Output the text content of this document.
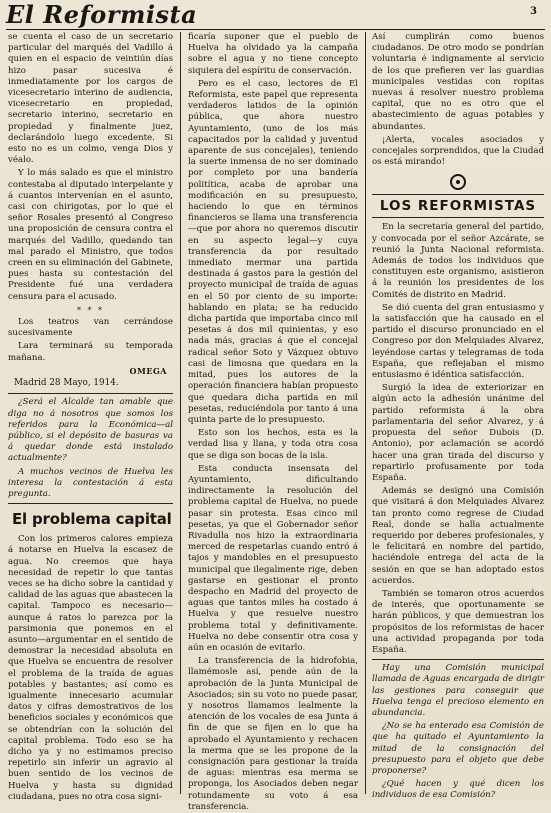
El Reformista	3

se cuenta el caso de un secretario particular del marqués del Vadillo á quien en el espacio de veintiún días hizo pasar sucesiva é inmediatamente por los cargos de vicesecretario interino de audiencia, vicesecretario en propiedad, secretario interino, secretario en propiedad y finalmente juez, declarándolo luego excedente. Si esto no es un colmo, venga Dios y véalo.

Y lo más salado es que el ministro contestaba al diputado interpelante y á cuantos intervenían en el asunto, casi con chirigotas, por lo que el señor Rosales presentó al Congreso una proposición de censura contra el marqués del Vadillo, quedando tan mal parado el Ministro, que todos creen en su eliminación del Gabinete, pues hasta su contestación del Presidente fué una verdadera censura para el acusado.

* * *

Los teatros van cerrándose sucesivamente

Lara terminará su temporada mañana.

OMEGA
Madrid 28 Mayo, 1914.

¿Será el Alcalde tan amable que diga no á nosotros que somos los referidos para la Económica—al público, si el depósito de basuras va á quedar donde está instalado actualmente?

A muchos vecinos de Huelva les interesa la contestación á esta pregunta.

El problema capital

Con los primeros calores empieza á notarse en Huelva la escasez de agua. No creemos que haya necesidad de repetir lo que tantas veces se ha dicho sobre la cantidad y calidad de las aguas que abastecen la capital. Tampoco es necesario—aunque á ratos lo parezca por la parsimonia que ponemos en el asunto—argumentar en el sentido de demostrar la necesidad absoluta en que Huelva se encuentra de resolver el problema de la traída de aguas potables y bastantes; así como es igualmente innecesario acumular datos y cifras demostrativos de los beneficios sociales y económicos que se obtendrían con la solución del capital problema. Todo eso se ha dicho ya y no estimamos preciso repetirlo sin inferir un agravio al buen sentido de los vecinos de Huelva y hasta su dignidad ciudadana, pues no otra cosa signi-

ficaría suponer que el pueblo de Huelva ha olvidado ya la campaña sobre el agua y no tiene concepto siquiera del espíritu de conservación.

Pero es el caso, lectores de El Reformista, este papel que representa verdaderos latidos de la opinión pública, que ahora nuestro Ayuntamiento, (uno de los más capacitados por la calidad y juventud aparente de sus concejales), teniendo la suerte inmensa de no ser dominado por completo por una bandería politítica, acaba de aprobar una modificación en su presupuesto, haciendo lo que en términos financieros se llama una transferencia—que por ahora no queremos discutir en su aspecto legal—y cuya transferencia da por resultado inmediato mermar una partida destinada á gastos para la gestión del proyecto municipal de traída de aguas en el 50 por ciento de su importe: hablando en plata; se ha reducido dicha partida que importaba cinco mil pesetas á dos mil quinientas, y eso nada más, gracias á que el concejal radical señor Soto y Vázquez obtuvo casi de limosna que quedara en la mitad, pues los autores de la operación financiera habían propuesto que quedara dicha partida en mil pesetas, reduciéndola por tanto á una quinta parte de lo presupuesto.

Esto son los hechos, esta es la verdad lisa y llana, y toda otra cosa que se diga son bocas de la isla.

Esta conducta insensata del Ayuntamiento, dificultando indirectamente la resolución del problema capital de Huelva, no puede pasar sin protesta. Esas cinco mil pesetas, ya que el Gobernador señor Rivadulla nos hizo la extraordinaria merced de respetarlas cuando entró á tajos y mandobles en el presupuesto municipal que ilegalmente rige, deben gastarse en gestionar el pronto despacho en Madrid del proyecto de aguas que tantos miles ha costado á Huelva y que resuelve nuestro problema total y definitivamente. Huelva no debe consentir otra cosa y aún en ocasión de evitarlo.

La transferencia de la hidrofobia, llamémosle así, pende aún de la aprobación de la Junta Municipal de Asociados; sin su voto no puede pasar, y nosotros llamamos lealmente la atención de los vocales de esa Junta á fin de que se fijen en lo que ha aprobado el Ayuntamiento y rechacen la merma que se les propone de la consignación para gestionar la traída de aguas: mientras esa merma se proponga, los Asociados deben negar rotundamente su voto á esa transferencia.

Así cumplirán como buenos ciudadanos. De otro modo se pondrían voluntaria é indignamente al servicio de los que prefieren ver las guardias municipales vestidas con ropitas nuevas á resolver nuestro problema capital, que no es otro que el abastecimiento de aguas potables y abundantes.

¡Alerta, vocales asociados y concejales sorprendidos, que la Ciudad os está mirando!

LOS REFORMISTAS

En la secretaría general del partido, y convocada por el señor Azcárate, se reunió la Junta Nacional reformista. Además de todos los individuos que constituyen este organismo, asistieron á la reunión los presidentes de los Comités de distrito en Madrid.

Se dió cuenta del gran entusiasmo y la satisfacción que ha causado en el partido el discurso pronunciado en el Congreso por don Melquiades Alvarez, leyéndose cartas y telegramas de toda España, que reflejaban el mismo entusiasmo é idéntica satisfacción.

Surgió la idea de exteriorizar en algún acto la adhesión unánime del partido reformista á la obra parlamentaria del señor Alvarez, y á propuesta del señor Dubois (D. Antonio), por aclamación se acordó hacer una gran tirada del discurso y repartirlo profusamente por toda España.

Además se designó una Comisión que visitará á don Melquiades Alvarez tan pronto como regrese de Ciudad Real, donde se halla actualmente requerido por deberes profesionales, y le felicitará en nombre del partido, haciéndole entrega del acta de la sesión en que se han adoptado estos acuerdos.

También se tomaron otros acuerdos de interés, que oportunamente se harán públicos, y que demuestran los propósitos de los reformistas de hacer una actividad propaganda por toda España.

Hay una Comisión municipal llamada de Aguas encargada de dirigir las gestiones para conseguir que Huelva tenga el precioso elemento en abundancia.

¿No se ha enterado esa Comisión de que ha quitado el Ayuntamiento la mitad de la consignación del presupuesto para el objeto que debe proponerse?

¿Qué hacen y qué dicen los individuos de esa Comisión?
